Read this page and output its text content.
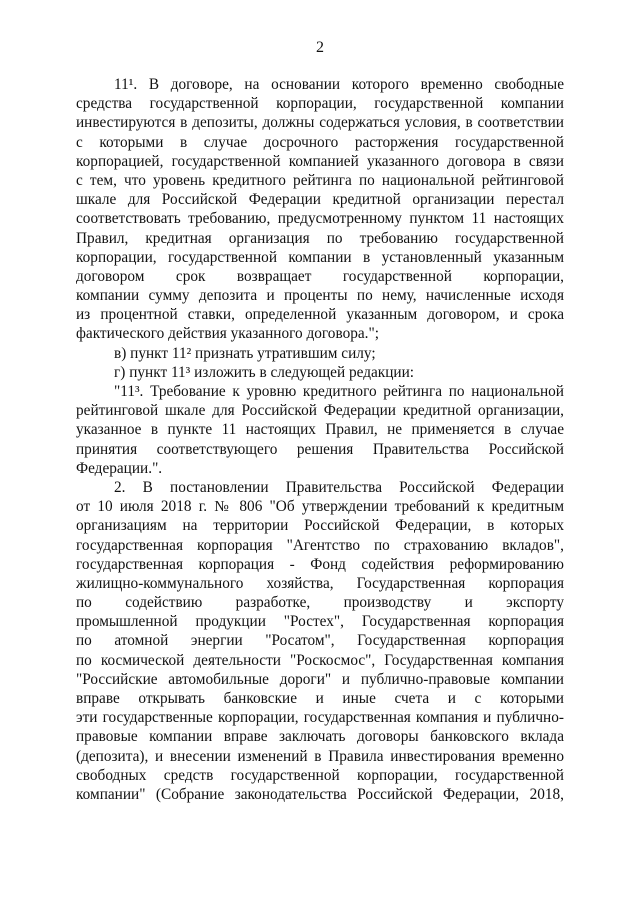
2
11¹. В договоре, на основании которого временно свободные
средства государственной корпорации, государственной компании
инвестируются в депозиты, должны содержаться условия, в соответствии
с которыми в случае досрочного расторжения государственной
корпорацией, государственной компанией указанного договора в связи
с тем, что уровень кредитного рейтинга по национальной рейтинговой
шкале для Российской Федерации кредитной организации перестал
соответствовать требованию, предусмотренному пунктом 11 настоящих
Правил, кредитная организация по требованию государственной
корпорации, государственной компании в установленный указанным
договором срок возвращает государственной корпорации,
компании сумму депозита и проценты по нему, начисленные исходя
из процентной ставки, определенной указанным договором, и срока
фактического действия указанного договора.";
в) пункт 11² признать утратившим силу;
г) пункт 11³ изложить в следующей редакции:
"11³. Требование к уровню кредитного рейтинга по национальной
рейтинговой шкале для Российской Федерации кредитной организации,
указанное в пункте 11 настоящих Правил, не применяется в случае
принятия соответствующего решения Правительства Российской
Федерации.".
2. В постановлении Правительства Российской Федерации
от 10 июля 2018 г. № 806 "Об утверждении требований к кредитным
организациям на территории Российской Федерации, в которых
государственная корпорация "Агентство по страхованию вкладов",
государственная корпорация - Фонд содействия реформированию
жилищно-коммунального хозяйства, Государственная корпорация
по содействию разработке, производству и экспорту
промышленной продукции "Ростех", Государственная корпорация
по атомной энергии "Росатом", Государственная корпорация
по космической деятельности "Роскосмос", Государственная компания
"Российские автомобильные дороги" и публично-правовые компании
вправе открывать банковские и иные счета и с которыми
эти государственные корпорации, государственная компания и публично-
правовые компании вправе заключать договоры банковского вклада
(депозита), и внесении изменений в Правила инвестирования временно
свободных средств государственной корпорации, государственной
компании" (Собрание законодательства Российской Федерации, 2018,
